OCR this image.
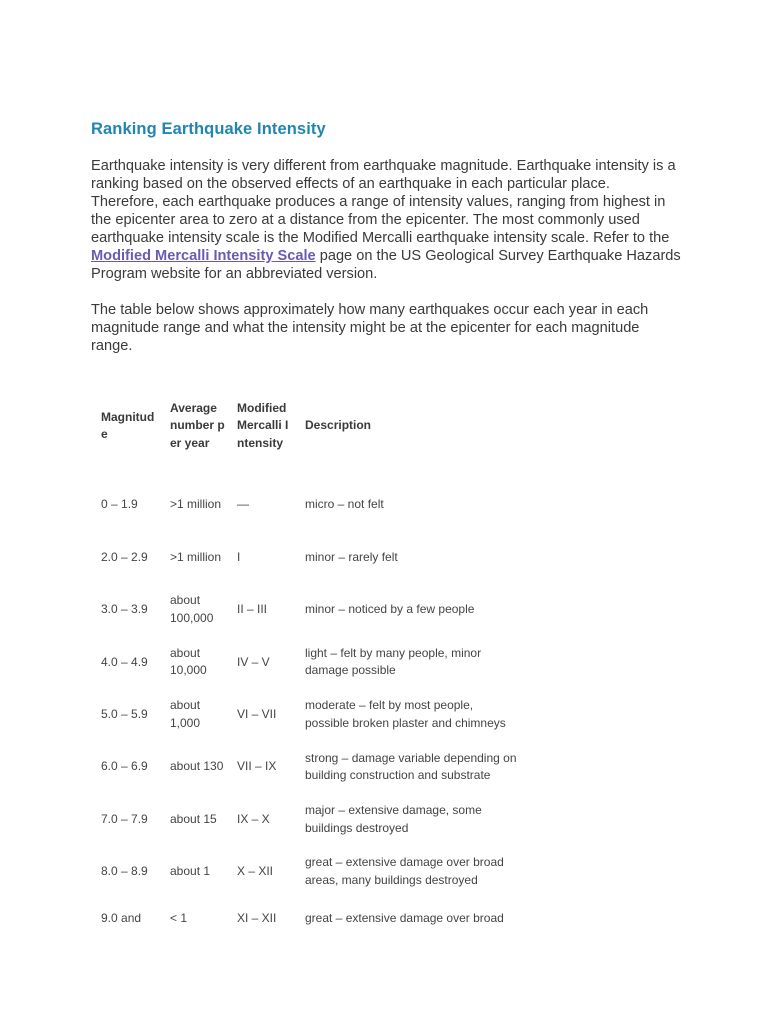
Ranking Earthquake Intensity

Earthquake intensity is very different from earthquake magnitude. Earthquake intensity is a ranking based on the observed effects of an earthquake in each particular place. Therefore, each earthquake produces a range of intensity values, ranging from highest in the epicenter area to zero at a distance from the epicenter. The most commonly used earthquake intensity scale is the Modified Mercalli earthquake intensity scale. Refer to the Modified Mercalli Intensity Scale page on the US Geological Survey Earthquake Hazards Program website for an abbreviated version.

The table below shows approximately how many earthquakes occur each year in each magnitude range and what the intensity might be at the epicenter for each magnitude range.

Magnitude	Average number per year	Modified Mercalli Intensity	Description
0 – 1.9	>1 million	—	micro – not felt
2.0 – 2.9	>1 million	I	minor – rarely felt
3.0 – 3.9	about 100,000	II – III	minor – noticed by a few people
4.0 – 4.9	about 10,000	IV – V	light – felt by many people, minor damage possible
5.0 – 5.9	about 1,000	VI – VII	moderate – felt by most people, possible broken plaster and chimneys
6.0 – 6.9	about 130	VII – IX	strong – damage variable depending on building construction and substrate
7.0 – 7.9	about 15	IX – X	major – extensive damage, some buildings destroyed
8.0 – 8.9	about 1	X – XII	great – extensive damage over broad areas, many buildings destroyed
9.0 and	< 1	XI – XII	great – extensive damage over broad
